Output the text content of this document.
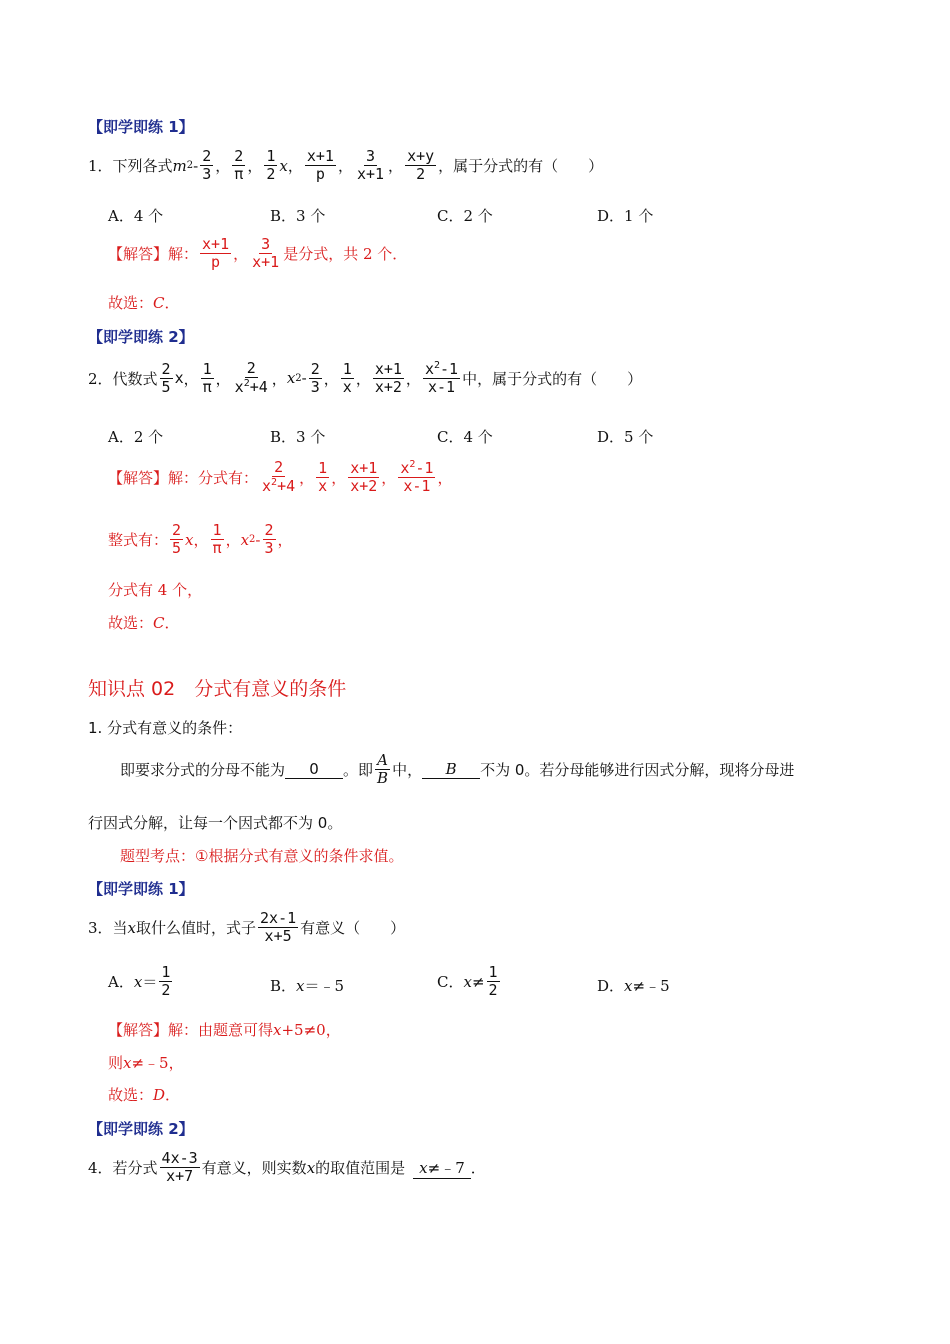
【即学即练 1】
1．下列各式 m $2 - \frac{2}{3}$ ， $\frac{2}{\pi}$ ， $\frac{1}{2}$ x ， $\frac{x+1}{p}$ ， $\frac{3}{x+1}$ ， $\frac{x+y}{2}$ ，属于分式的有（　　）
A．4 个	B．3 个	C．2 个	D．1 个
【解答】解： $\frac{x+1}{p}$ ， $\frac{3}{x+1}$ 是分式，共 2 个．
故选：C．
【即学即练 2】
2．代数式 $\frac{2}{5}$ x ， $\frac{1}{\pi}$ ， $\frac{2}{x^2+4}$ ， x $2 - \frac{2}{3}$ ， $\frac{1}{x}$ ， $\frac{x+1}{x+2}$ ， $\frac{x^2-1}{x-1}$ 中，属于分式的有（　　）
A．2 个	B．3 个	C．4 个	D．5 个
【解答】解：分式有： $\frac{2}{x^2+4}$ ， $\frac{1}{x}$ ， $\frac{x+1}{x+2}$ ， $\frac{x^2-1}{x-1}$ ，
整式有： $\frac{2}{5}$ x ， $\frac{1}{\pi}$ ， x $2 - \frac{2}{3}$ ，
分式有 4 个，
故选：C．
知识点 02　分式有意义的条件
1. 分式有意义的条件：
即要求分式的分母不能为	0	。即 $\frac{A}{B}$ 中，	B	不为 0。若分母能够进行因式分解，现将分母进
行因式分解，让每一个因式都不为 0。
题型考点：①根据分式有意义的条件求值。
【即学即练 1】
3．当 x 取什么值时，式子 $\frac{2x-1}{x+5}$ 有意义（　　）
A． $x = \frac{1}{2}$	B．x＝﹣5	C． $x \ne \frac{1}{2}$	D．x≠﹣5
【解答】解：由题意可得x+5≠0，
则x≠﹣5，
故选：D．
【即学即练 2】
4．若分式 $\frac{4x-3}{x+7}$ 有意义，则实数 x 的取值范围是 x≠﹣7 ．
